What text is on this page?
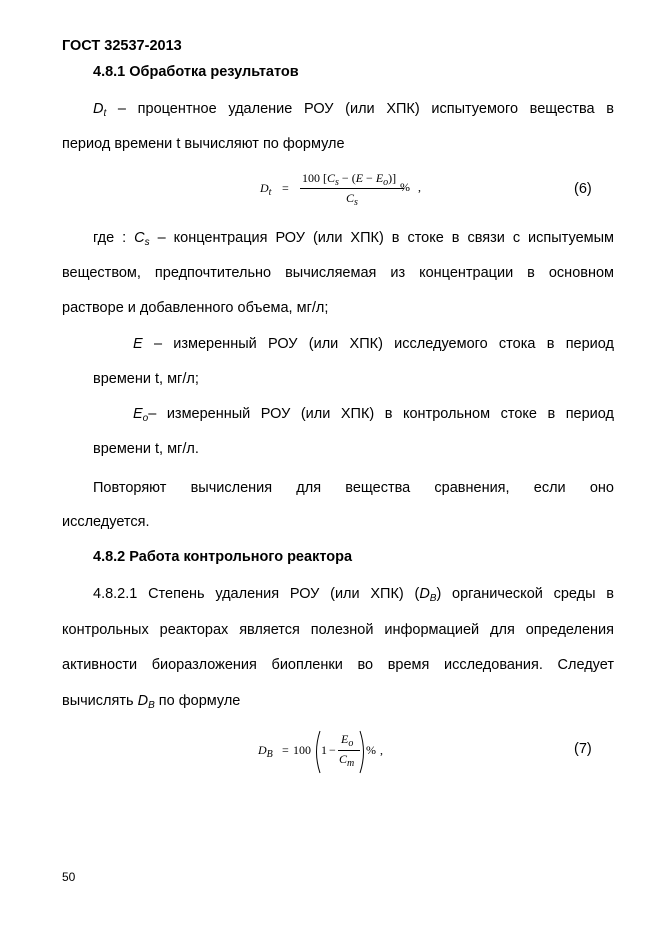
ГОСТ 32537-2013
4.8.1 Обработка результатов
$D_t$ – процентное удаление РОУ (или ХПК) испытуемого вещества в
период времени t вычисляют по формуле
$D_t$ =
100 $[C_s - (E - E_o)]$
$C_s$
% ,	(6)
где : $C_s$ – концентрация РОУ (или ХПК) в стоке в связи с испытуемым
веществом, предпочтительно вычисляемая из концентрации в основном
растворе и добавленного объема, мг/л;
E – измеренный РОУ (или ХПК) исследуемого стока в период
времени t, мг/л;
$E_o-$ измеренный РОУ (или ХПК) в контрольном стоке в период
времени t, мг/л.
Повторяют вычисления для вещества сравнения, если оно
исследуется.
4.8.2 Работа контрольного реактора
4.8.2.1 Степень удаления РОУ (или ХПК) $(D_B)$ органической среды в
контрольных реакторах является полезной информацией для определения
активности биоразложения биопленки во время исследования. Следует
вычислять $D_B$ по формуле
$D_B = 100$ 1 −
$E_o$
$C_m$
% ,	(7)
50
